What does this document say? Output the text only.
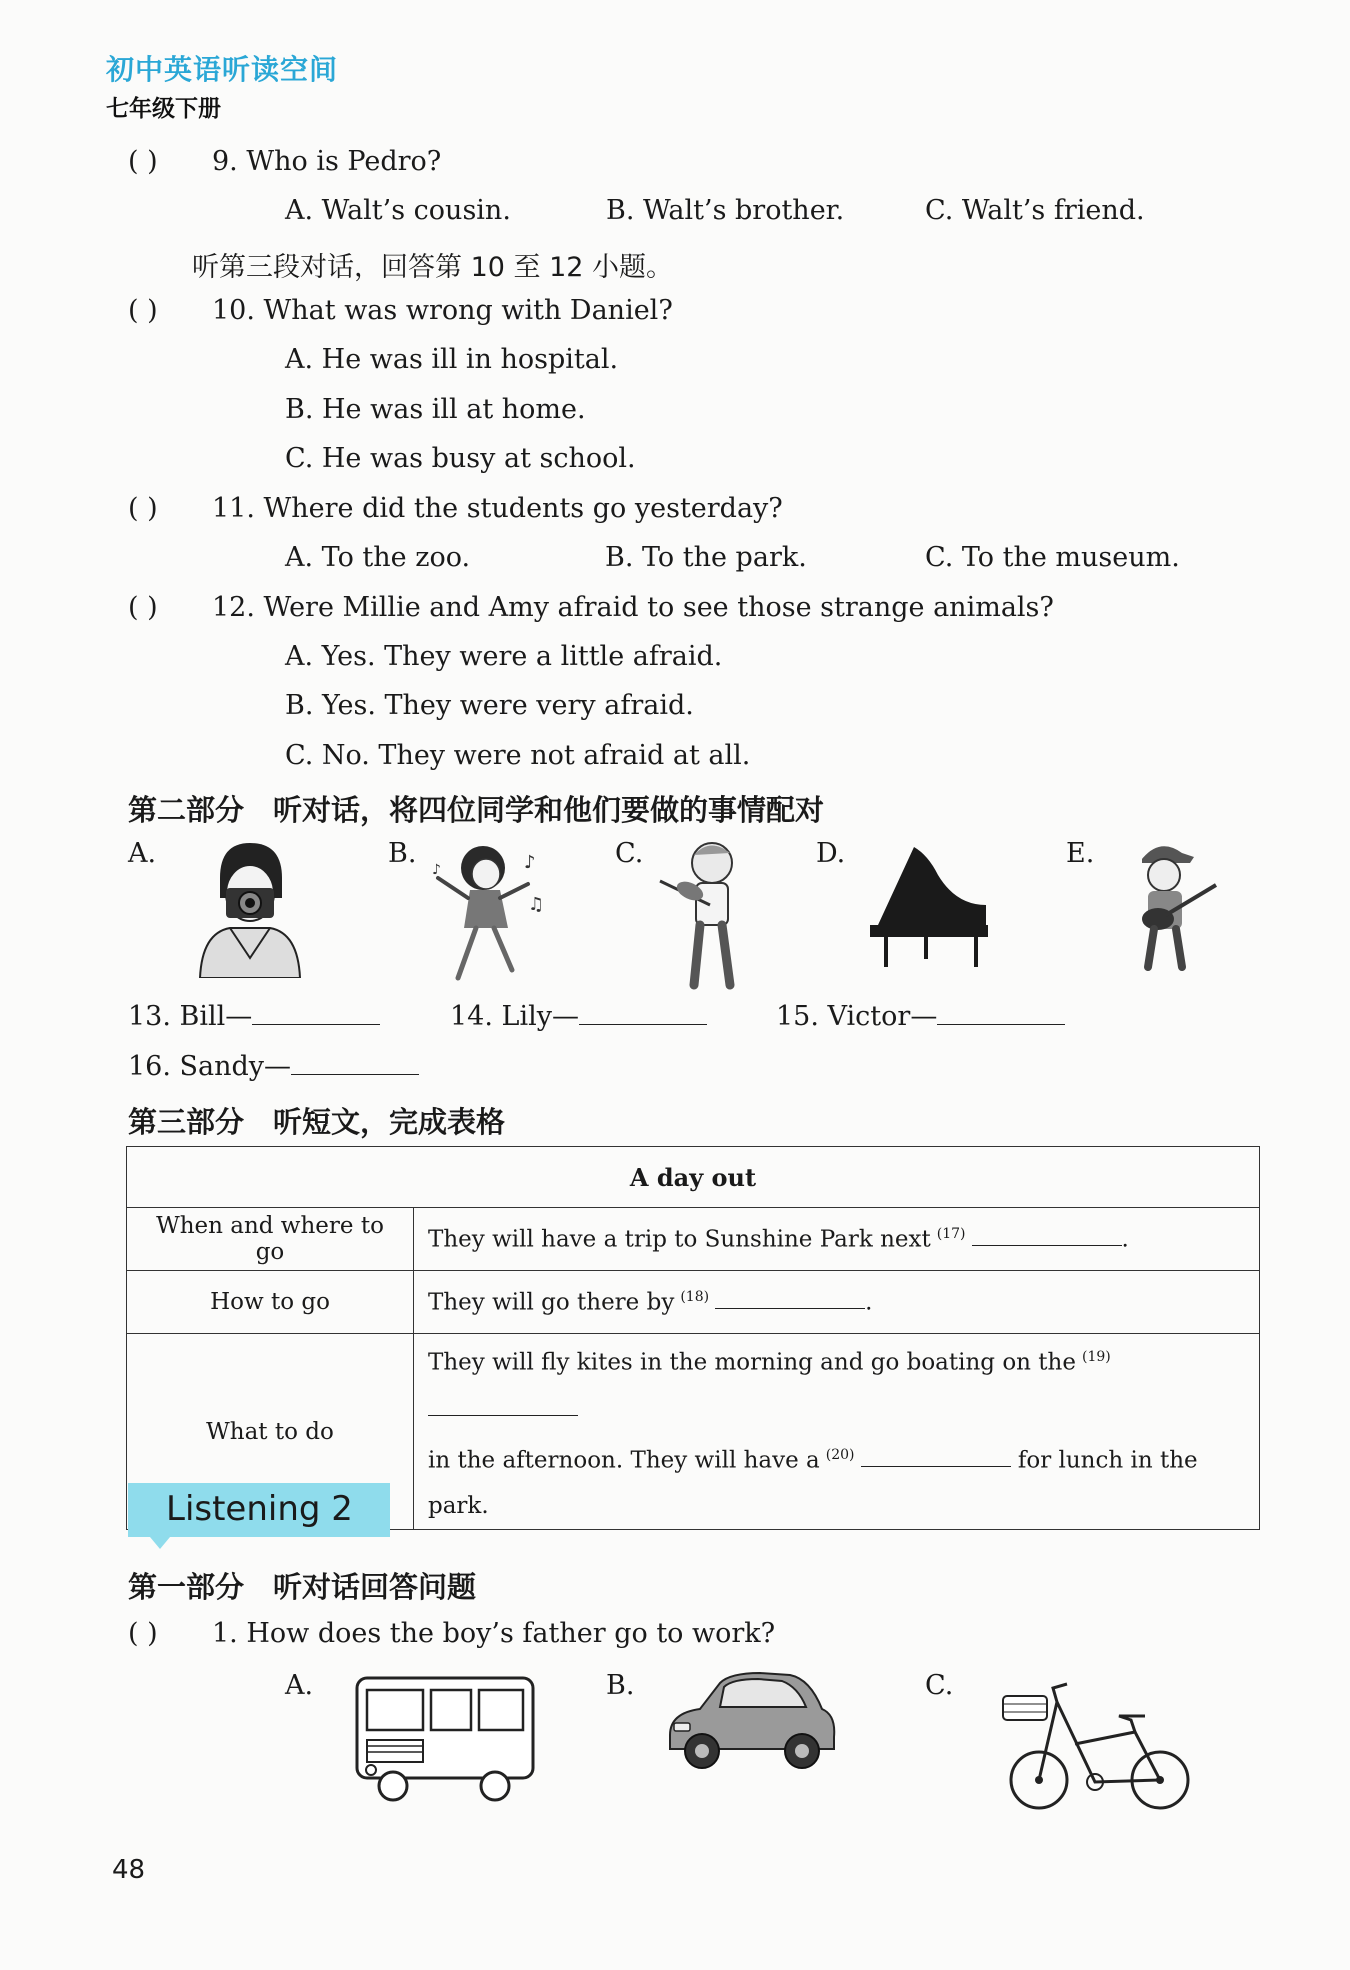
初中英语听读空间
七年级下册
( ) 9. Who is Pedro?
A. Walt’s cousin.	B. Walt’s brother.	C. Walt’s friend.
听第三段对话，回答第 10 至 12 小题。
( ) 10. What was wrong with Daniel?
A. He was ill in hospital.
B. He was ill at home.
C. He was busy at school.
( ) 11. Where did the students go yesterday?
A. To the zoo.	B. To the park.	C. To the museum.
( ) 12. Were Millie and Amy afraid to see those strange animals?
A. Yes. They were a little afraid.
B. Yes. They were very afraid.
C. No. They were not afraid at all.
第二部分　听对话，将四位同学和他们要做的事情配对
A.	B.	C.	D.	E.
♪
♫
♪
13. Bill—	14. Lily—	15. Victor—
16. Sandy—
第三部分　听短文，完成表格
A day out	
When and where to go	They will have a trip to Sunshine Park next $^{(17)}$ .
How to go	They will go there by $^{(18)}$ .
What to do	They will fly kites in the morning and go boating on the $^{(19)}$
in the afternoon. They will have a $^{(20)}$ for lunch in the park.
Listening 2
第一部分　听对话回答问题
( ) 1. How does the boy’s father go to work?
A.	B.	C.
48
